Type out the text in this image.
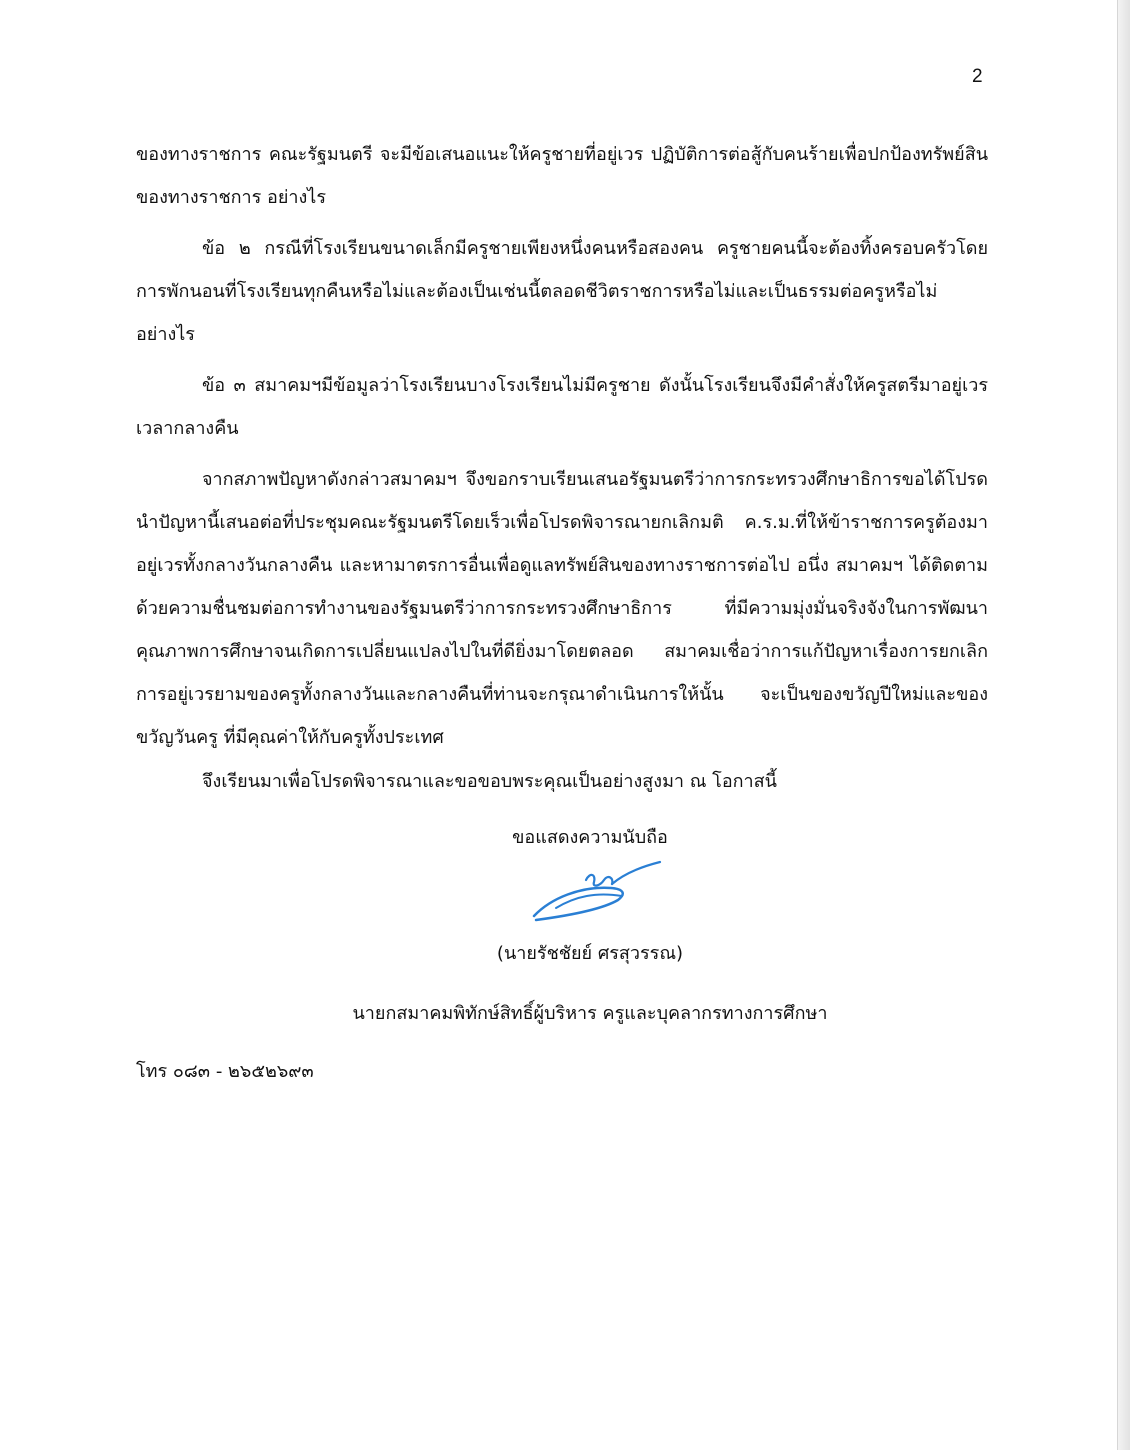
2

ของทางราชการ คณะรัฐมนตรี จะมีข้อเสนอแนะให้ครูชายที่อยู่เวร ปฏิบัติการต่อสู้กับคนร้ายเพื่อปกป้องทรัพย์สินของทางราชการ อย่างไร

ข้อ ๒ กรณีที่โรงเรียนขนาดเล็กมีครูชายเพียงหนึ่งคนหรือสองคน ครูชายคนนี้จะต้องทิ้งครอบครัวโดยการพักนอนที่โรงเรียนทุกคืนหรือไม่และต้องเป็นเช่นนี้ตลอดชีวิตราชการหรือไม่และเป็นธรรมต่อครูหรือไม่อย่างไร

ข้อ ๓ สมาคมฯมีข้อมูลว่าโรงเรียนบางโรงเรียนไม่มีครูชาย ดังนั้นโรงเรียนจึงมีคำสั่งให้ครูสตรีมาอยู่เวรเวลากลางคืน

จากสภาพปัญหาดังกล่าวสมาคมฯ จึงขอกราบเรียนเสนอรัฐมนตรีว่าการกระทรวงศึกษาธิการขอได้โปรดนำปัญหานี้เสนอต่อที่ประชุมคณะรัฐมนตรีโดยเร็วเพื่อโปรดพิจารณายกเลิกมติ ค.ร.ม.ที่ให้ข้าราชการครูต้องมาอยู่เวรทั้งกลางวันกลางคืน และหามาตรการอื่นเพื่อดูแลทรัพย์สินของทางราชการต่อไป อนึ่ง สมาคมฯ ได้ติดตามด้วยความชื่นชมต่อการทำงานของรัฐมนตรีว่าการกระทรวงศึกษาธิการ ที่มีความมุ่งมั่นจริงจังในการพัฒนาคุณภาพการศึกษาจนเกิดการเปลี่ยนแปลงไปในที่ดียิ่งมาโดยตลอด สมาคมเชื่อว่าการแก้ปัญหาเรื่องการยกเลิกการอยู่เวรยามของครูทั้งกลางวันและกลางคืนที่ท่านจะกรุณาดำเนินการให้นั้น จะเป็นของขวัญปีใหม่และของขวัญวันครู ที่มีคุณค่าให้กับครูทั้งประเทศ

จึงเรียนมาเพื่อโปรดพิจารณาและขอขอบพระคุณเป็นอย่างสูงมา ณ โอกาสนี้

ขอแสดงความนับถือ
(นายรัชชัยย์ ศรสุวรรณ)
นายกสมาคมพิทักษ์สิทธิ์ผู้บริหาร ครูและบุคลากรทางการศึกษา
โทร ๐๘๓ - ๒๖๕๒๖๙๓
